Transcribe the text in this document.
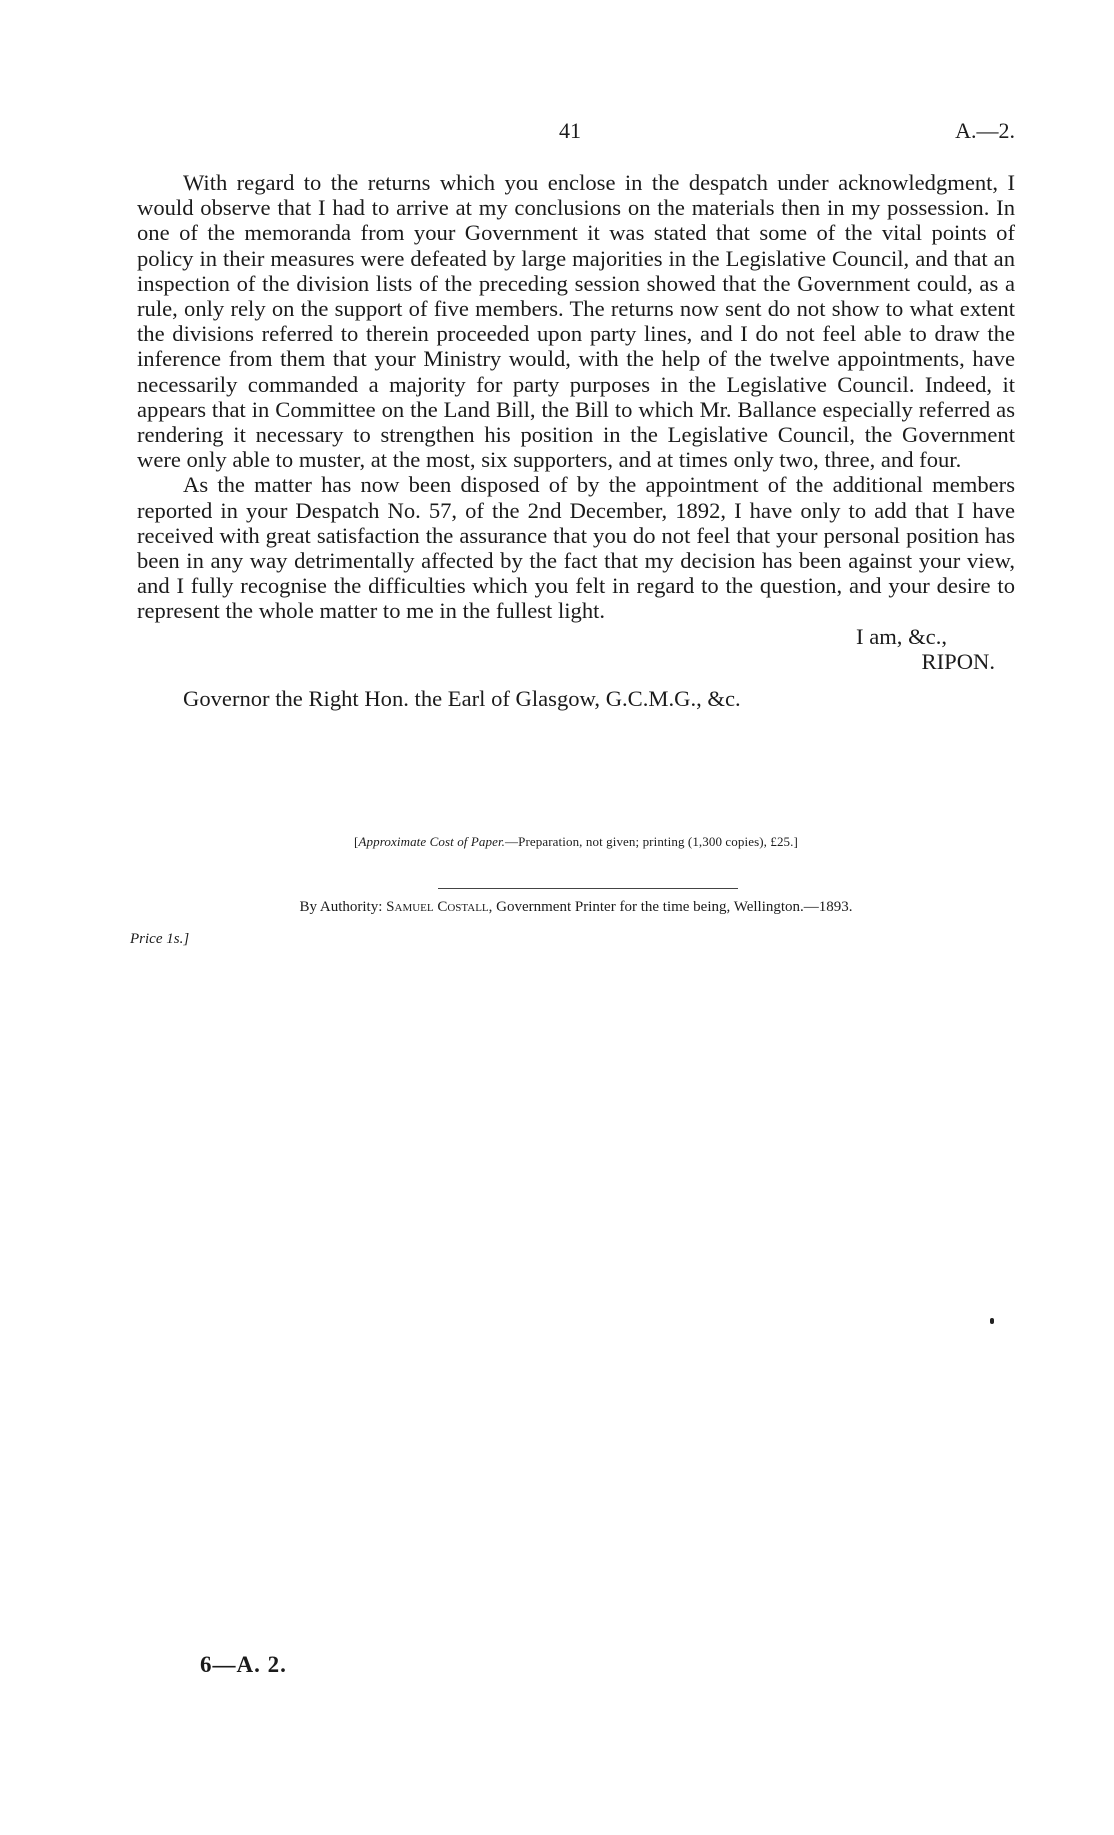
41	A.—2.

With regard to the returns which you enclose in the despatch under acknowledgment, I would observe that I had to arrive at my conclusions on the materials then in my possession. In one of the memoranda from your Government it was stated that some of the vital points of policy in their measures were defeated by large majorities in the Legislative Council, and that an inspection of the division lists of the preceding session showed that the Government could, as a rule, only rely on the support of five members. The returns now sent do not show to what extent the divisions referred to therein proceeded upon party lines, and I do not feel able to draw the inference from them that your Ministry would, with the help of the twelve appointments, have necessarily commanded a majority for party purposes in the Legislative Council. Indeed, it appears that in Committee on the Land Bill, the Bill to which Mr. Ballance especially referred as rendering it necessary to strengthen his position in the Legislative Council, the Government were only able to muster, at the most, six supporters, and at times only two, three, and four.

As the matter has now been disposed of by the appointment of the additional members reported in your Despatch No. 57, of the 2nd December, 1892, I have only to add that I have received with great satisfaction the assurance that you do not feel that your personal position has been in any way detrimentally affected by the fact that my decision has been against your view, and I fully recognise the difficulties which you felt in regard to the question, and your desire to represent the whole matter to me in the fullest light.

I am, &c.,

RIPON.

Governor the Right Hon. the Earl of Glasgow, G.C.M.G., &c.

[Approximate Cost of Paper.—Preparation, not given; printing (1,300 copies), £25.]
By Authority: Samuel Costall, Government Printer for the time being, Wellington.—1893.
Price 1s.]
6—A. 2.
